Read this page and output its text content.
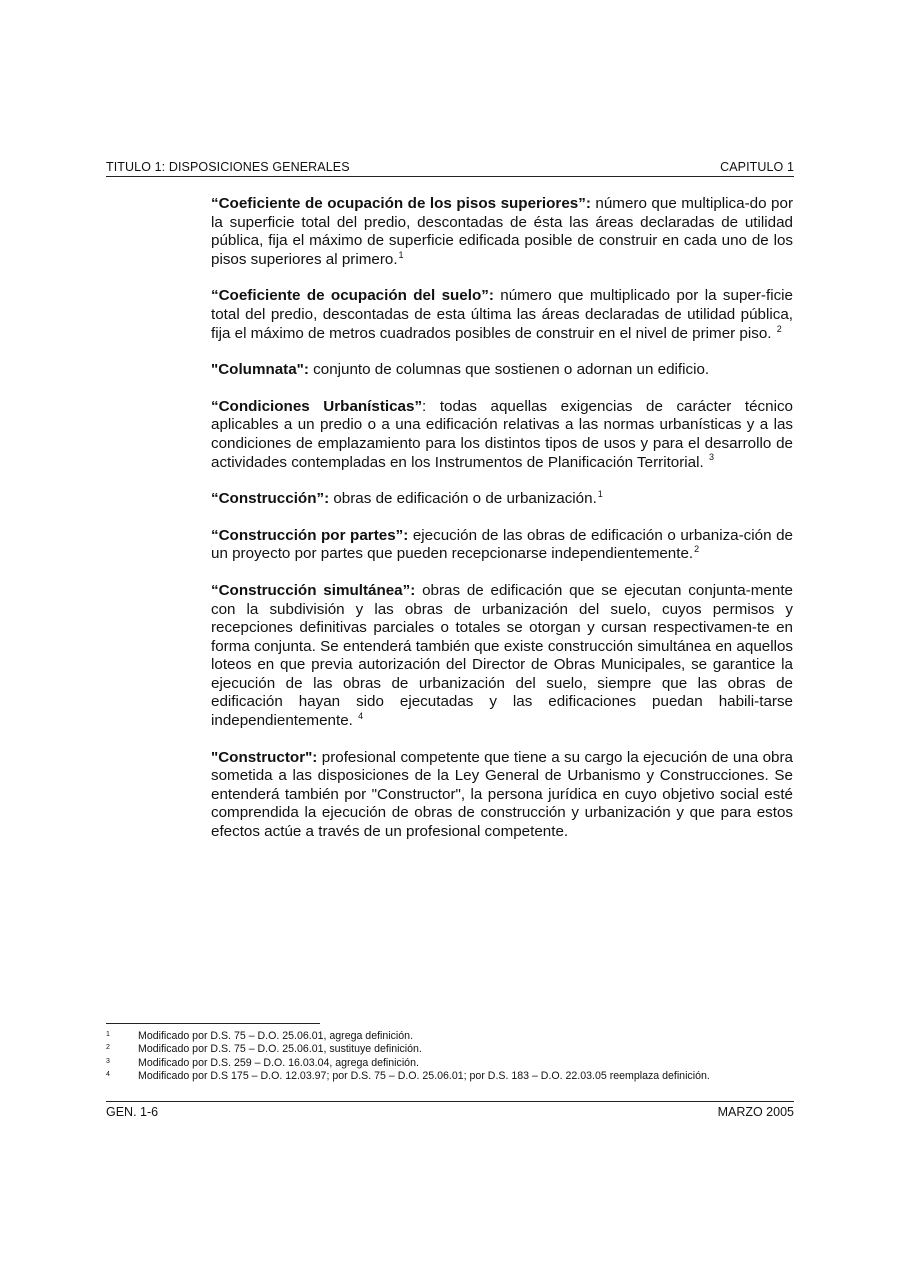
TITULO 1: DISPOSICIONES GENERALES	CAPITULO 1

“Coeficiente de ocupación de los pisos superiores”: número que multiplica-do por la superficie total del predio, descontadas de ésta las áreas declaradas de utilidad pública, fija el máximo de superficie edificada posible de construir en cada uno de los pisos superiores al primero.$^1$

“Coeficiente de ocupación del suelo”: número que multiplicado por la super-ficie total del predio, descontadas de esta última las áreas declaradas de utilidad pública, fija el máximo de metros cuadrados posibles de construir en el nivel de primer piso. $^2$

"Columnata": conjunto de columnas que sostienen o adornan un edificio.

“Condiciones Urbanísticas”: todas aquellas exigencias de carácter técnico aplicables a un predio o a una edificación relativas a las normas urbanísticas y a las condiciones de emplazamiento para los distintos tipos de usos y para el desarrollo de actividades contempladas en los Instrumentos de Planificación Territorial. $^3$

“Construcción”: obras de edificación o de urbanización.$^1$

“Construcción por partes”: ejecución de las obras de edificación o urbaniza-ción de un proyecto por partes que pueden recepcionarse independientemente.$^2$

“Construcción simultánea”: obras de edificación que se ejecutan conjunta-mente con la subdivisión y las obras de urbanización del suelo, cuyos permisos y recepciones definitivas parciales o totales se otorgan y cursan respectivamen-te en forma conjunta. Se entenderá también que existe construcción simultánea en aquellos loteos en que previa autorización del Director de Obras Municipales, se garantice la ejecución de las obras de urbanización del suelo, siempre que las obras de edificación hayan sido ejecutadas y las edificaciones puedan habili-tarse independientemente. $^4$

"Constructor": profesional competente que tiene a su cargo la ejecución de una obra sometida a las disposiciones de la Ley General de Urbanismo y Construcciones. Se entenderá también por "Constructor", la persona jurídica en cuyo objetivo social esté comprendida la ejecución de obras de construcción y urbanización y que para estos efectos actúe a través de un profesional competente.

1	Modificado por D.S. 75 – D.O. 25.06.01, agrega definición.
2	Modificado por D.S. 75 – D.O. 25.06.01, sustituye definición.
3	Modificado por D.S. 259 – D.O. 16.03.04, agrega definición.
4	Modificado por D.S 175 – D.O. 12.03.97; por D.S. 75 – D.O. 25.06.01; por D.S. 183 – D.O. 22.03.05 reemplaza definición.
GEN. 1-6	MARZO 2005
